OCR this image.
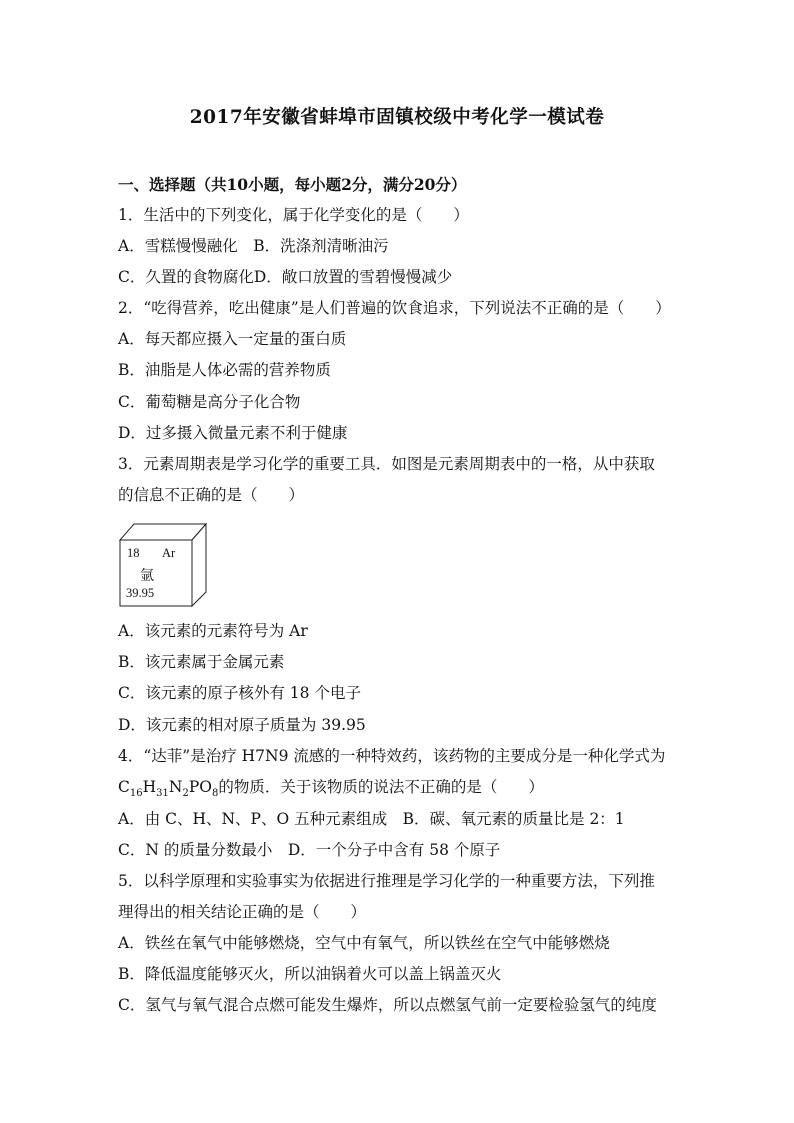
2017年安徽省蚌埠市固镇校级中考化学一模试卷
一、选择题（共10小题，每小题2分，满分20分）
1．生活中的下列变化，属于化学变化的是（　　）
A．雪糕慢慢融化　B．洗涤剂清晰油污
C．久置的食物腐化D．敞口放置的雪碧慢慢减少
2．“吃得营养，吃出健康”是人们普遍的饮食追求，下列说法不正确的是（　　）
A．每天都应摄入一定量的蛋白质
B．油脂是人体必需的营养物质
C．葡萄糖是高分子化合物
D．过多摄入微量元素不利于健康
3．元素周期表是学习化学的重要工具．如图是元素周期表中的一格，从中获取
的信息不正确的是（　　）
18 Ar
氩
39.95
A．该元素的元素符号为 Ar
B．该元素属于金属元素
C．该元素的原子核外有 18 个电子
D．该元素的相对原子质量为 39.95
4．“达菲”是治疗 H7N9 流感的一种特效药，该药物的主要成分是一种化学式为
$C_{16}H_{31}N_2PO_8$的物质．关于该物质的说法不正确的是（　　）
A．由 C、H、N、P、O 五种元素组成　B．碳、氧元素的质量比是 2：1
C．N 的质量分数最小　D．一个分子中含有 58 个原子
5．以科学原理和实验事实为依据进行推理是学习化学的一种重要方法，下列推
理得出的相关结论正确的是（　　）
A．铁丝在氧气中能够燃烧，空气中有氧气，所以铁丝在空气中能够燃烧
B．降低温度能够灭火，所以油锅着火可以盖上锅盖灭火
C．氢气与氧气混合点燃可能发生爆炸，所以点燃氢气前一定要检验氢气的纯度
